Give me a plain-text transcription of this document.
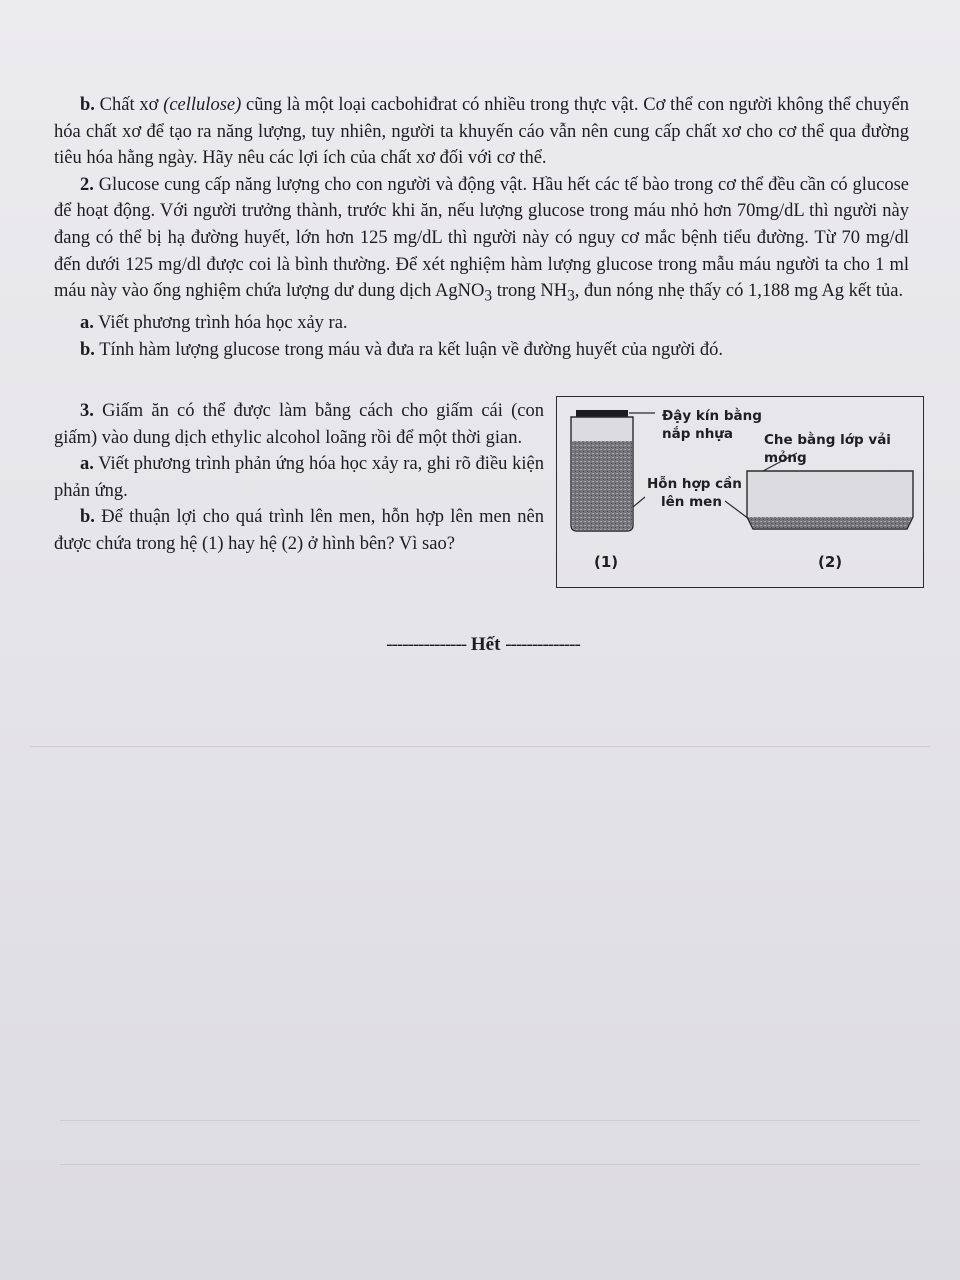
b. Chất xơ (cellulose) cũng là một loại cacbohiđrat có nhiều trong thực vật. Cơ thể con người không thể chuyển hóa chất xơ để tạo ra năng lượng, tuy nhiên, người ta khuyến cáo vẫn nên cung cấp chất xơ cho cơ thể qua đường tiêu hóa hằng ngày. Hãy nêu các lợi ích của chất xơ đối với cơ thể.

2. Glucose cung cấp năng lượng cho con người và động vật. Hầu hết các tế bào trong cơ thể đều cần có glucose để hoạt động. Với người trưởng thành, trước khi ăn, nếu lượng glucose trong máu nhỏ hơn 70mg/dL thì người này đang có thể bị hạ đường huyết, lớn hơn 125 mg/dL thì người này có nguy cơ mắc bệnh tiểu đường. Từ 70 mg/dl đến dưới 125 mg/dl được coi là bình thường. Để xét nghiệm hàm lượng glucose trong mẫu máu người ta cho 1 ml máu này vào ống nghiệm chứa lượng dư dung dịch AgNO$_3$ trong $NH_3$, đun nóng nhẹ thấy có 1,188 mg Ag kết tủa.

a. Viết phương trình hóa học xảy ra.

b. Tính hàm lượng glucose trong máu và đưa ra kết luận về đường huyết của người đó.

3. Giấm ăn có thể được làm bằng cách cho giấm cái (con giấm) vào dung dịch ethylic alcohol loãng rồi để một thời gian.

a. Viết phương trình phản ứng hóa học xảy ra, ghi rõ điều kiện phản ứng.

b. Để thuận lợi cho quá trình lên men, hỗn hợp lên men nên được chứa trong hệ (1) hay hệ (2) ở hình bên? Vì sao?

Đậy kín bằng
nắp nhựa	Che bằng lớp vải mỏng
Hỗn hợp cần
lên men
(1)	(2)
--------------- Hết --------------
